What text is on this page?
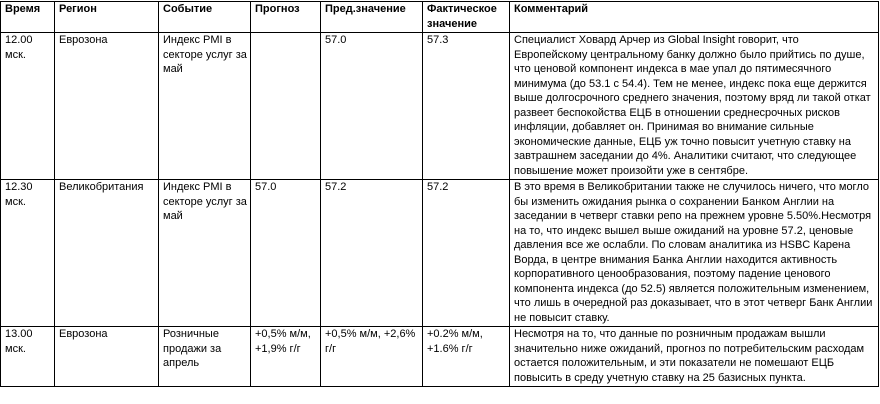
Время	Регион	Событие	Прогноз	Пред.значение	Фактическое значение	Комментарий
12.00 мск.	Еврозона	Индекс PMI в секторе услуг за май		57.0	57.3	Специалист Ховард Арчер из Global Insight говорит, что Европейскому центральному банку должно было прийтись по душе, что ценовой компонент индекса в мае упал до пятимесячного минимума (до 53.1 с 54.4). Тем не менее, индекс пока еще держится выше долгосрочного среднего значения, поэтому вряд ли такой откат развеет беспокойства ЕЦБ в отношении среднесрочных рисков инфляции, добавляет он. Принимая во внимание сильные экономические данные, ЕЦБ уж точно повысит учетную ставку на завтрашнем заседании до 4%. Аналитики считают, что следующее повышение может произойти уже в сентябре.
12.30 мск.	Великобритания	Индекс PMI в секторе услуг за май	57.0	57.2	57.2	В это время в Великобритании также не случилось ничего, что могло бы изменить ожидания рынка о сохранении Банком Англии на заседании в четверг ставки репо на прежнем уровне 5.50%.Несмотря на то, что индекс вышел выше ожиданий на уровне 57.2, ценовые давления все же ослабли. По словам аналитика из HSBC Карена Ворда, в центре внимания Банка Англии находится активность корпоративного ценообразования, поэтому падение ценового компонента индекса (до 52.5) является положительным изменением, что лишь в очередной раз доказывает, что в этот четверг Банк Англии не повысит ставку.
13.00 мск.	Еврозона	Розничные продажи за апрель	+0,5% м/м, +1,9% г/г	+0,5% м/м, +2,6% г/г	+0.2% м/м, +1.6% г/г	Несмотря на то, что данные по розничным продажам вышли значительно ниже ожиданий, прогноз по потребительским расходам остается положительным, и эти показатели не помешают ЕЦБ повысить в среду учетную ставку на 25 базисных пункта.
